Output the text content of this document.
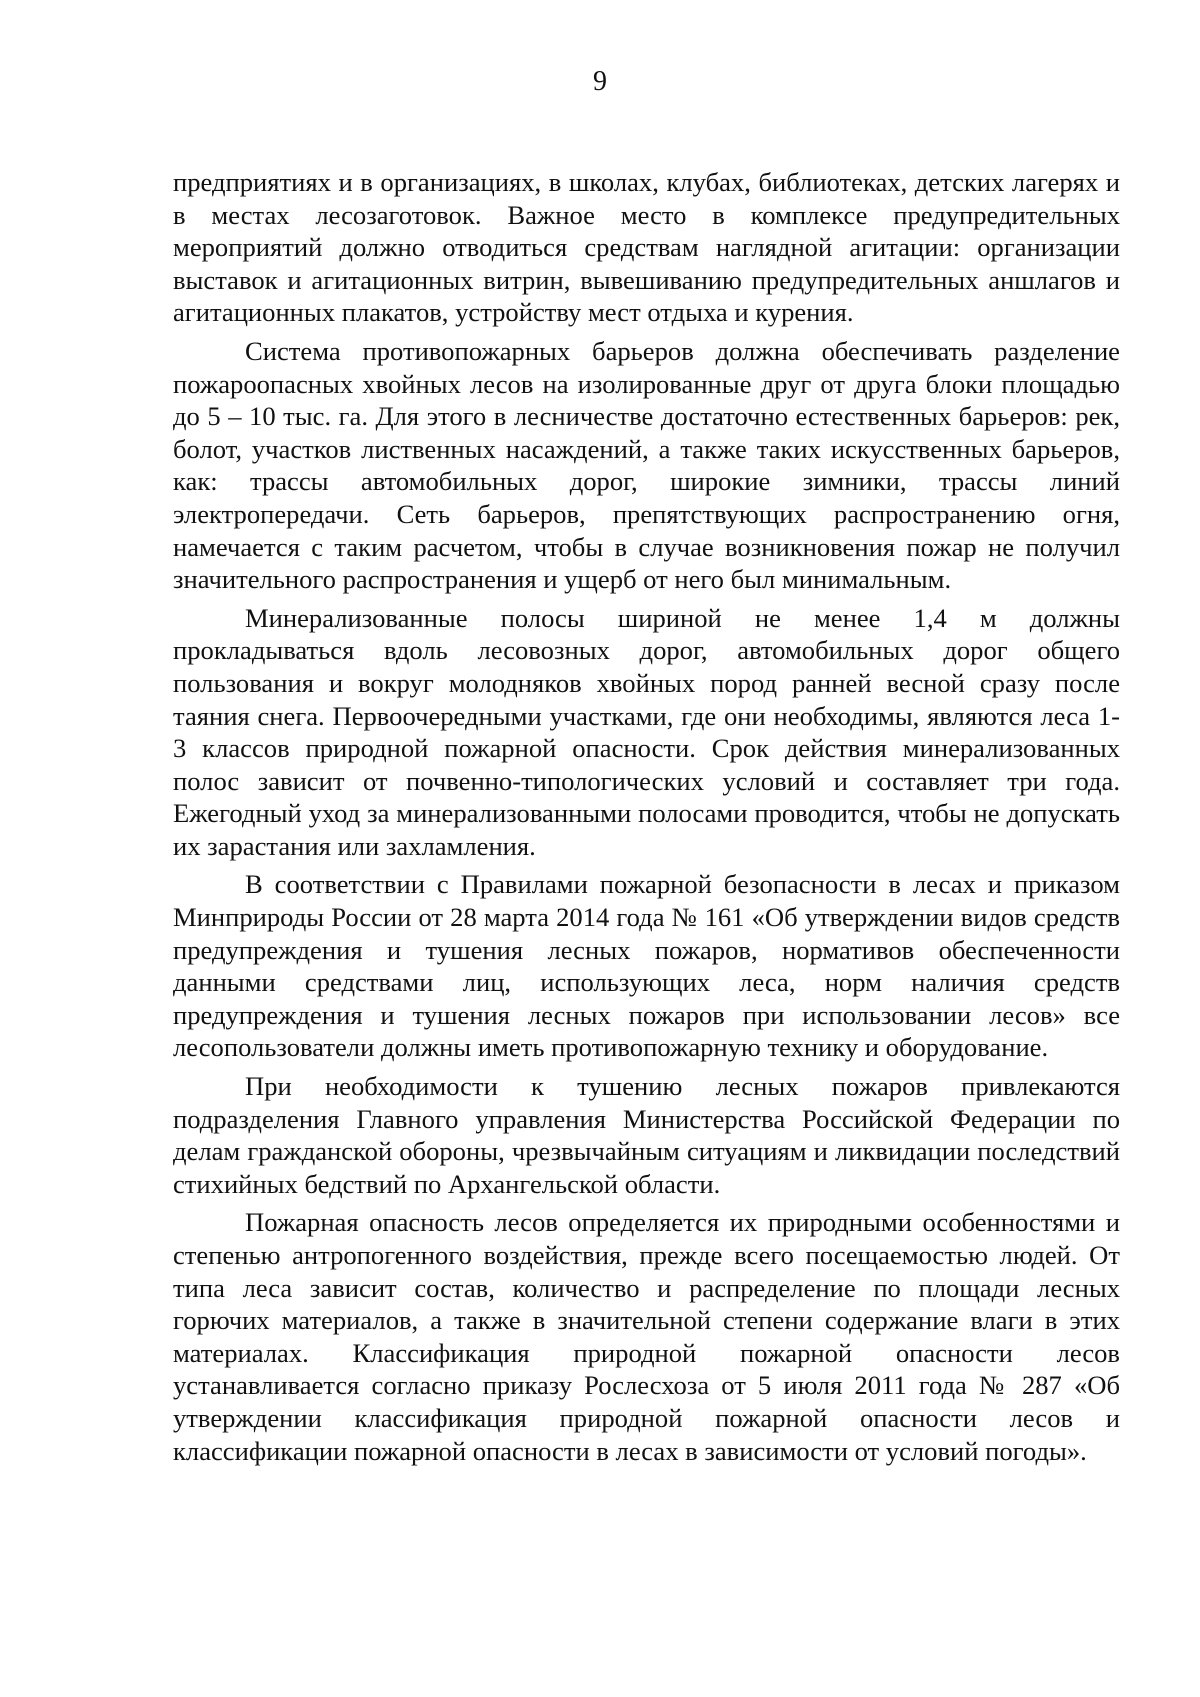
9

предприятиях и в организациях, в школах, клубах, библиотеках, детских лагерях и в местах лесозаготовок. Важное место в комплексе предупредительных мероприятий должно отводиться средствам наглядной агитации: организации выставок и агитационных витрин, вывешиванию предупредительных аншлагов и агитационных плакатов, устройству мест отдыха и курения.

Система противопожарных барьеров должна обеспечивать разделение пожароопасных хвойных лесов на изолированные друг от друга блоки площадью до 5 – 10 тыс. га. Для этого в лесничестве достаточно естественных барьеров: рек, болот, участков лиственных насаждений, а также таких искусственных барьеров, как: трассы автомобильных дорог, широкие зимники, трассы линий электропередачи. Сеть барьеров, препятствующих распространению огня, намечается с таким расчетом, чтобы в случае возникновения пожар не получил значительного распространения и ущерб от него был минимальным.

Минерализованные полосы шириной не менее 1,4 м должны прокладываться вдоль лесовозных дорог, автомобильных дорог общего пользования и вокруг молодняков хвойных пород ранней весной сразу после таяния снега. Первоочередными участками, где они необходимы, являются леса 1-3 классов природной пожарной опасности. Срок действия минерализованных полос зависит от почвенно-типологических условий и составляет три года. Ежегодный уход за минерализованными полосами проводится, чтобы не допускать их зарастания или захламления.

В соответствии с Правилами пожарной безопасности в лесах и приказом Минприроды России от 28 марта 2014 года № 161 «Об утверждении видов средств предупреждения и тушения лесных пожаров, нормативов обеспеченности данными средствами лиц, использующих леса, норм наличия средств предупреждения и тушения лесных пожаров при использовании лесов» все лесопользователи должны иметь противопожарную технику и оборудование.

При необходимости к тушению лесных пожаров привлекаются подразделения Главного управления Министерства Российской Федерации по делам гражданской обороны, чрезвычайным ситуациям и ликвидации последствий стихийных бедствий по Архангельской области.

Пожарная опасность лесов определяется их природными особенностями и степенью антропогенного воздействия, прежде всего посещаемостью людей. От типа леса зависит состав, количество и распределение по площади лесных горючих материалов, а также в значительной степени содержание влаги в этих материалах. Классификация природной пожарной опасности лесов устанавливается согласно приказу Рослесхоза от 5 июля 2011 года № 287 «Об утверждении классификация природной пожарной опасности лесов и классификации пожарной опасности в лесах в зависимости от условий погоды».
